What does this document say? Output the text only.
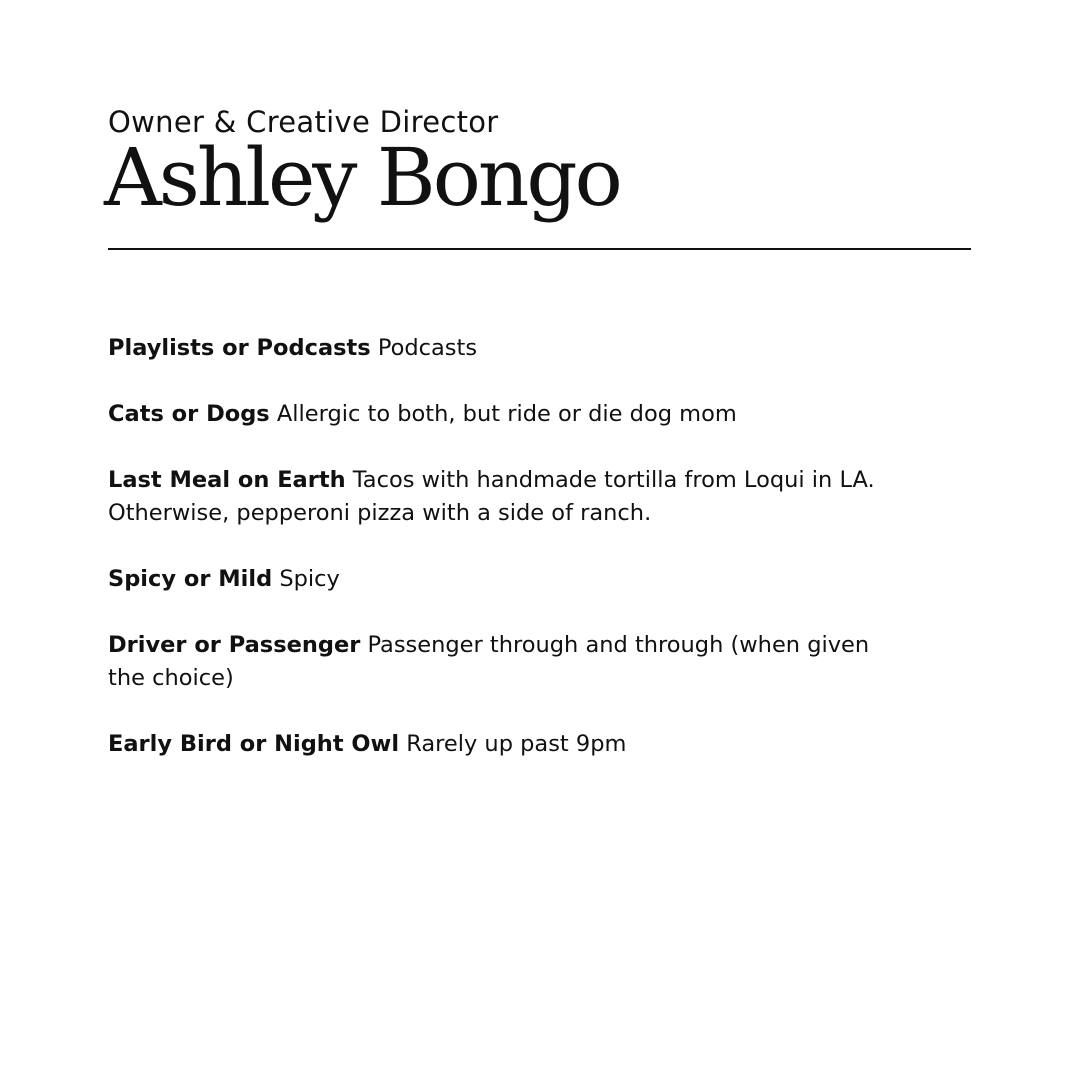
Owner & Creative Director
Ashley Bongo
Playlists or Podcasts Podcasts
Cats or Dogs Allergic to both, but ride or die dog mom
Last Meal on Earth Tacos with handmade tortilla from Loqui in LA. Otherwise, pepperoni pizza with a side of ranch.
Spicy or Mild Spicy
Driver or Passenger Passenger through and through (when given the choice)
Early Bird or Night Owl Rarely up past 9pm
